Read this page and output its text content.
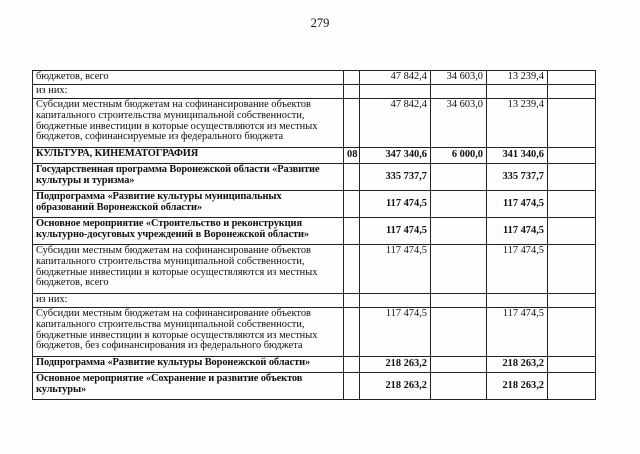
279
бюджетов, всего		47 842,4	34 603,0	13 239,4	
из них:					
Субсидии местным бюджетам на софинансирование объектов капитального строительства муниципальной собственности, бюджетные инвестиции в которые осуществляются из местных бюджетов, софинансируемые из федерального бюджета		47 842,4	34 603,0	13 239,4	
КУЛЬТУРА, КИНЕМАТОГРАФИЯ	08	347 340,6	6 000,0	341 340,6	
Государственная программа Воронежской области «Развитие культуры и туризма»		335 737,7		335 737,7	
Подпрограмма «Развитие культуры муниципальных образований Воронежской области»		117 474,5		117 474,5	
Основное мероприятие «Строительство и реконструкция культурно-досуговых учреждений в Воронежской области»		117 474,5		117 474,5	
Субсидии местным бюджетам на софинансирование объектов капитального строительства муниципальной собственности, бюджетные инвестиции в которые осуществляются из местных бюджетов, всего		117 474,5		117 474,5	
из них:					
Субсидии местным бюджетам на софинансирование объектов капитального строительства муниципальной собственности, бюджетные инвестиции в которые осуществляются из местных бюджетов, без софинансирования из федерального бюджета		117 474,5		117 474,5	
Подпрограмма «Развитие культуры Воронежской области»		218 263,2		218 263,2	
Основное мероприятие «Сохранение и развитие объектов культуры»		218 263,2		218 263,2	
